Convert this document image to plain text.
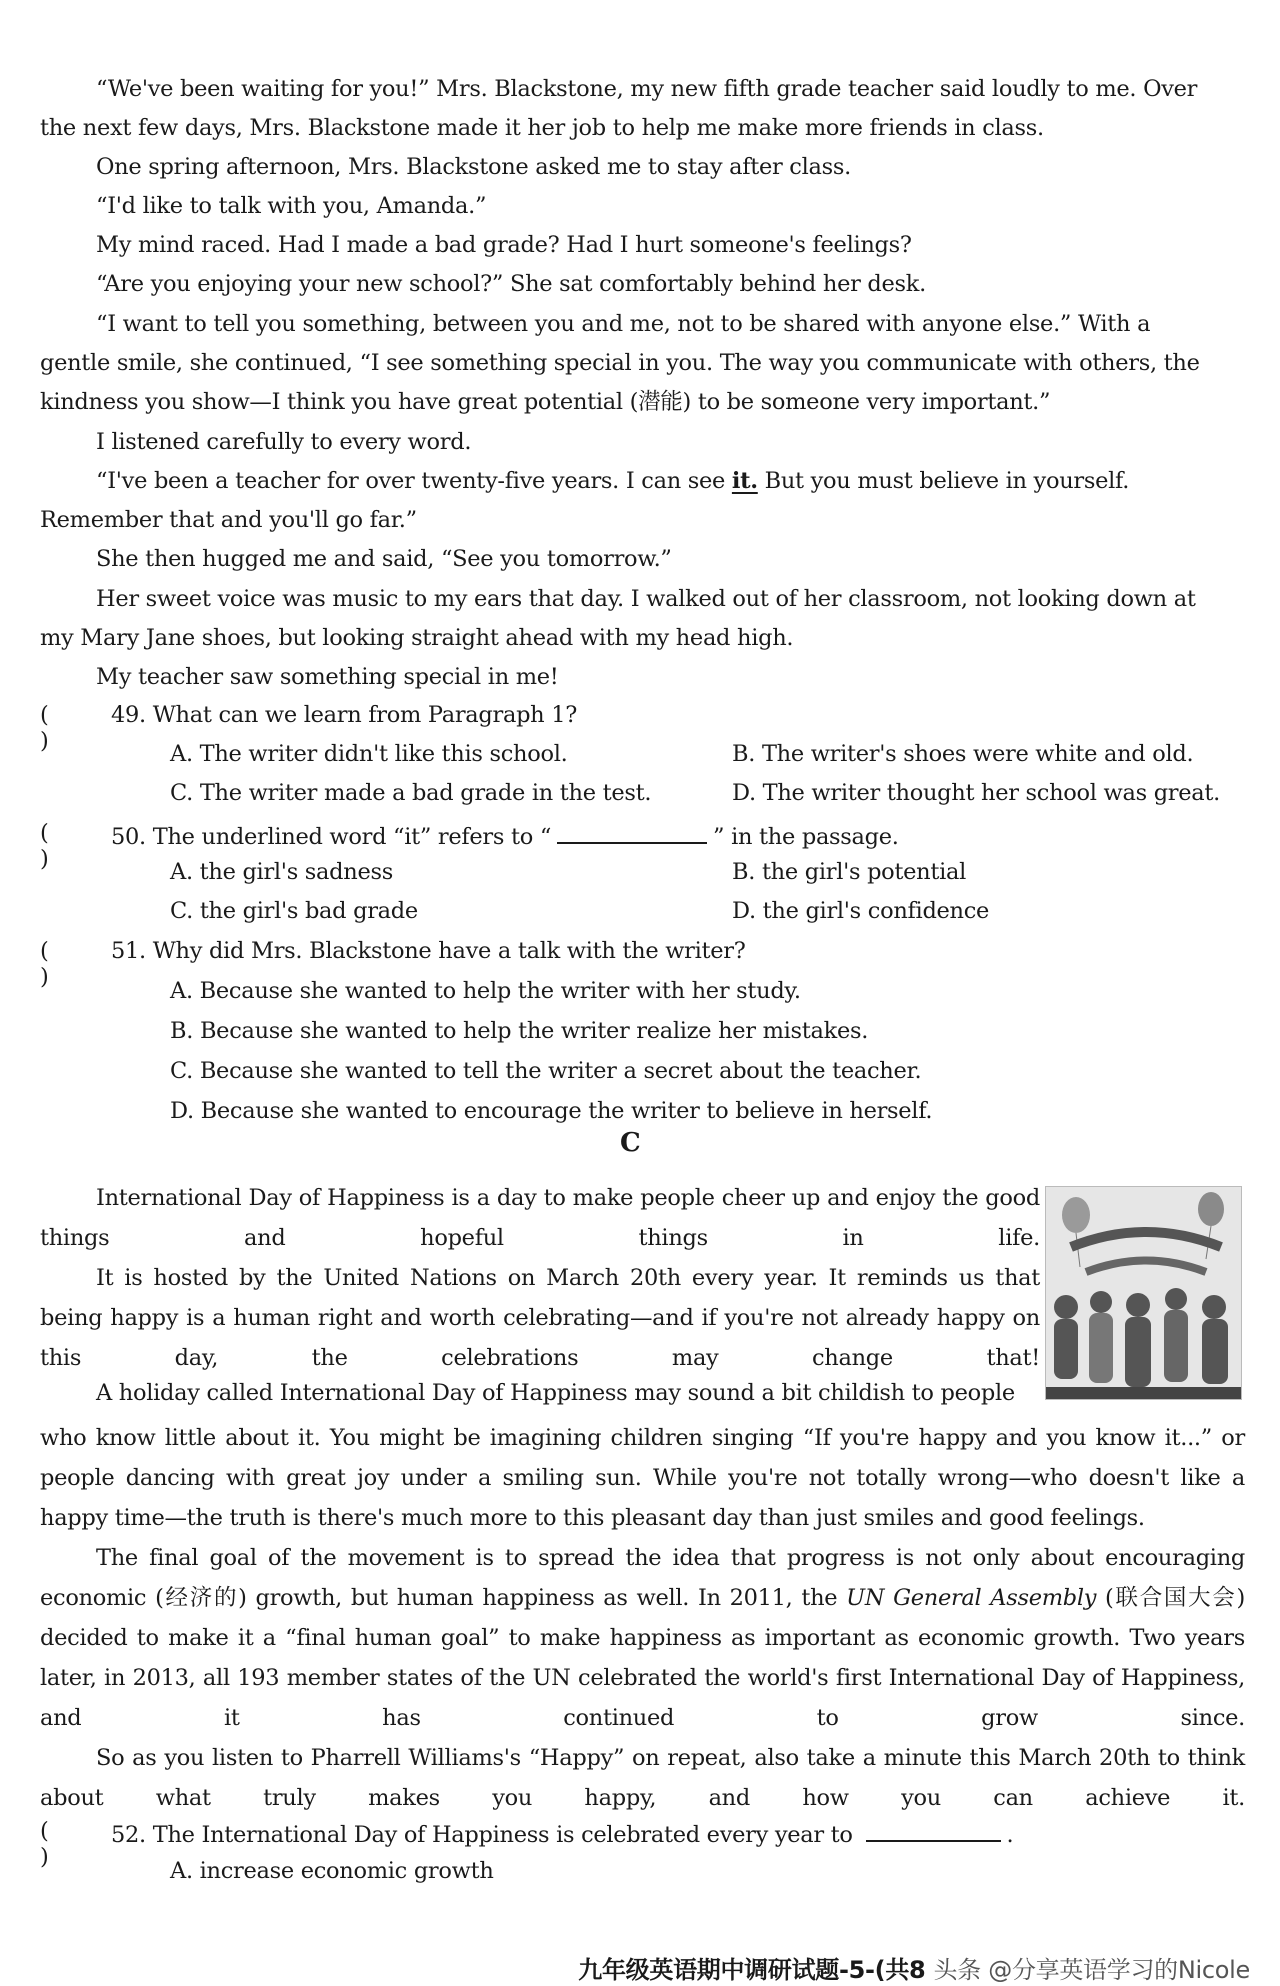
“We've been waiting for you!” Mrs. Blackstone, my new fifth grade teacher said loudly to me. Over
the next few days, Mrs. Blackstone made it her job to help me make more friends in class.
One spring afternoon, Mrs. Blackstone asked me to stay after class.
“I'd like to talk with you, Amanda.”
My mind raced. Had I made a bad grade? Had I hurt someone's feelings?
“Are you enjoying your new school?” She sat comfortably behind her desk.
“I want to tell you something, between you and me, not to be shared with anyone else.” With a
gentle smile, she continued, “I see something special in you. The way you communicate with others, the
kindness you show—I think you have great potential (潜能) to be someone very important.”
I listened carefully to every word.
“I've been a teacher for over twenty-five years. I can see it. But you must believe in yourself.
Remember that and you'll go far.”
She then hugged me and said, “See you tomorrow.”
Her sweet voice was music to my ears that day. I walked out of her classroom, not looking down at
my Mary Jane shoes, but looking straight ahead with my head high.
My teacher saw something special in me!
( )
49. What can we learn from Paragraph 1?
A. The writer didn't like this school.	B. The writer's shoes were white and old.
C. The writer made a bad grade in the test.	D. The writer thought her school was great.
( )
50. The underlined word “it” refers to “	” in the passage.
A. the girl's sadness	B. the girl's potential
C. the girl's bad grade	D. the girl's confidence
( )
51. Why did Mrs. Blackstone have a talk with the writer?
A. Because she wanted to help the writer with her study.
B. Because she wanted to help the writer realize her mistakes.
C. Because she wanted to tell the writer a secret about the teacher.
D. Because she wanted to encourage the writer to believe in herself.
C
International Day of Happiness is a day to make people cheer up and enjoy the good things and hopeful things in life.
It is hosted by the United Nations on March 20th every year. It reminds us that being happy is a human right and worth celebrating—and if you're not already happy on this day, the celebrations may change that!
A holiday called International Day of Happiness may sound a bit childish to people
who know little about it. You might be imagining children singing “If you're happy and you know it...” or people dancing with great joy under a smiling sun. While you're not totally wrong—who doesn't like a happy time—the truth is there's much more to this pleasant day than just smiles and good feelings.
The final goal of the movement is to spread the idea that progress is not only about encouraging economic (经济的) growth, but human happiness as well. In 2011, the UN General Assembly (联合国大会) decided to make it a “final human goal” to make happiness as important as economic growth. Two years later, in 2013, all 193 member states of the UN celebrated the world's first International Day of Happiness, and it has continued to grow since.
So as you listen to Pharrell Williams's “Happy” on repeat, also take a minute this March 20th to think about what truly makes you happy, and how you can achieve it.
( )
52. The International Day of Happiness is celebrated every year to	.
A. increase economic growth
九年级英语期中调研试题-5-(共8 头条 @分享英语学习的Nicole
